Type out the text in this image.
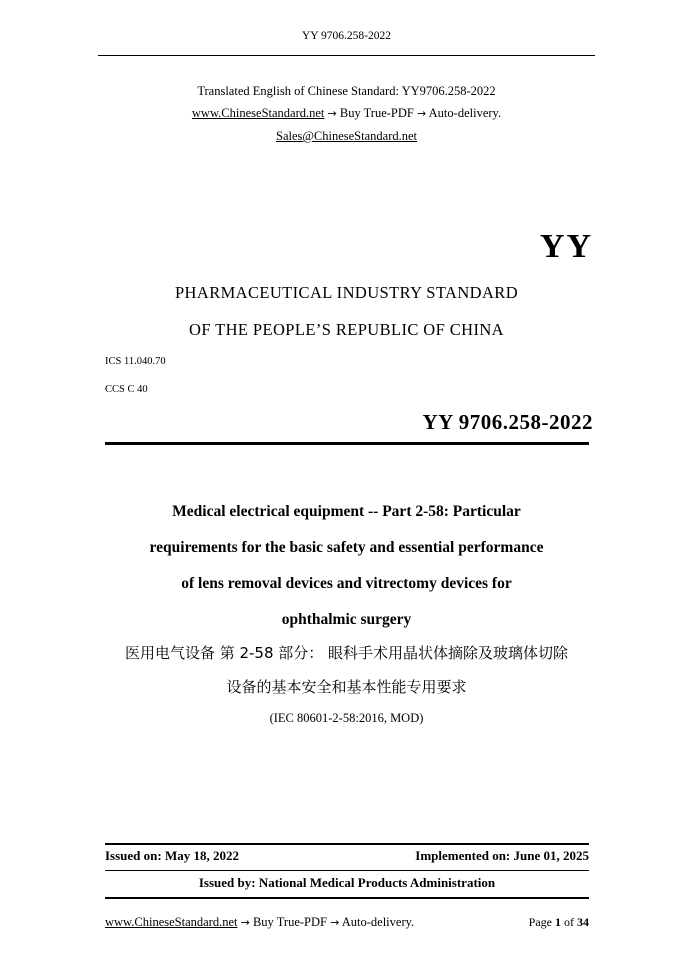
YY 9706.258-2022
Translated English of Chinese Standard: YY9706.258-2022
www.ChineseStandard.net → Buy True-PDF → Auto-delivery.
Sales@ChineseStandard.net
YY
PHARMACEUTICAL INDUSTRY STANDARD
OF THE PEOPLE’S REPUBLIC OF CHINA
ICS 11.040.70
CCS C 40
YY 9706.258-2022
Medical electrical equipment -- Part 2-58: Particular
requirements for the basic safety and essential performance
of lens removal devices and vitrectomy devices for
ophthalmic surgery
医用电气设备 第 2-58 部分： 眼科手术用晶状体摘除及玻璃体切除
设备的基本安全和基本性能专用要求
(IEC 80601-2-58:2016, MOD)
Issued on: May 18, 2022	Implemented on: June 01, 2025
Issued by: National Medical Products Administration
www.ChineseStandard.net → Buy True-PDF → Auto-delivery.	Page 1 of 34
